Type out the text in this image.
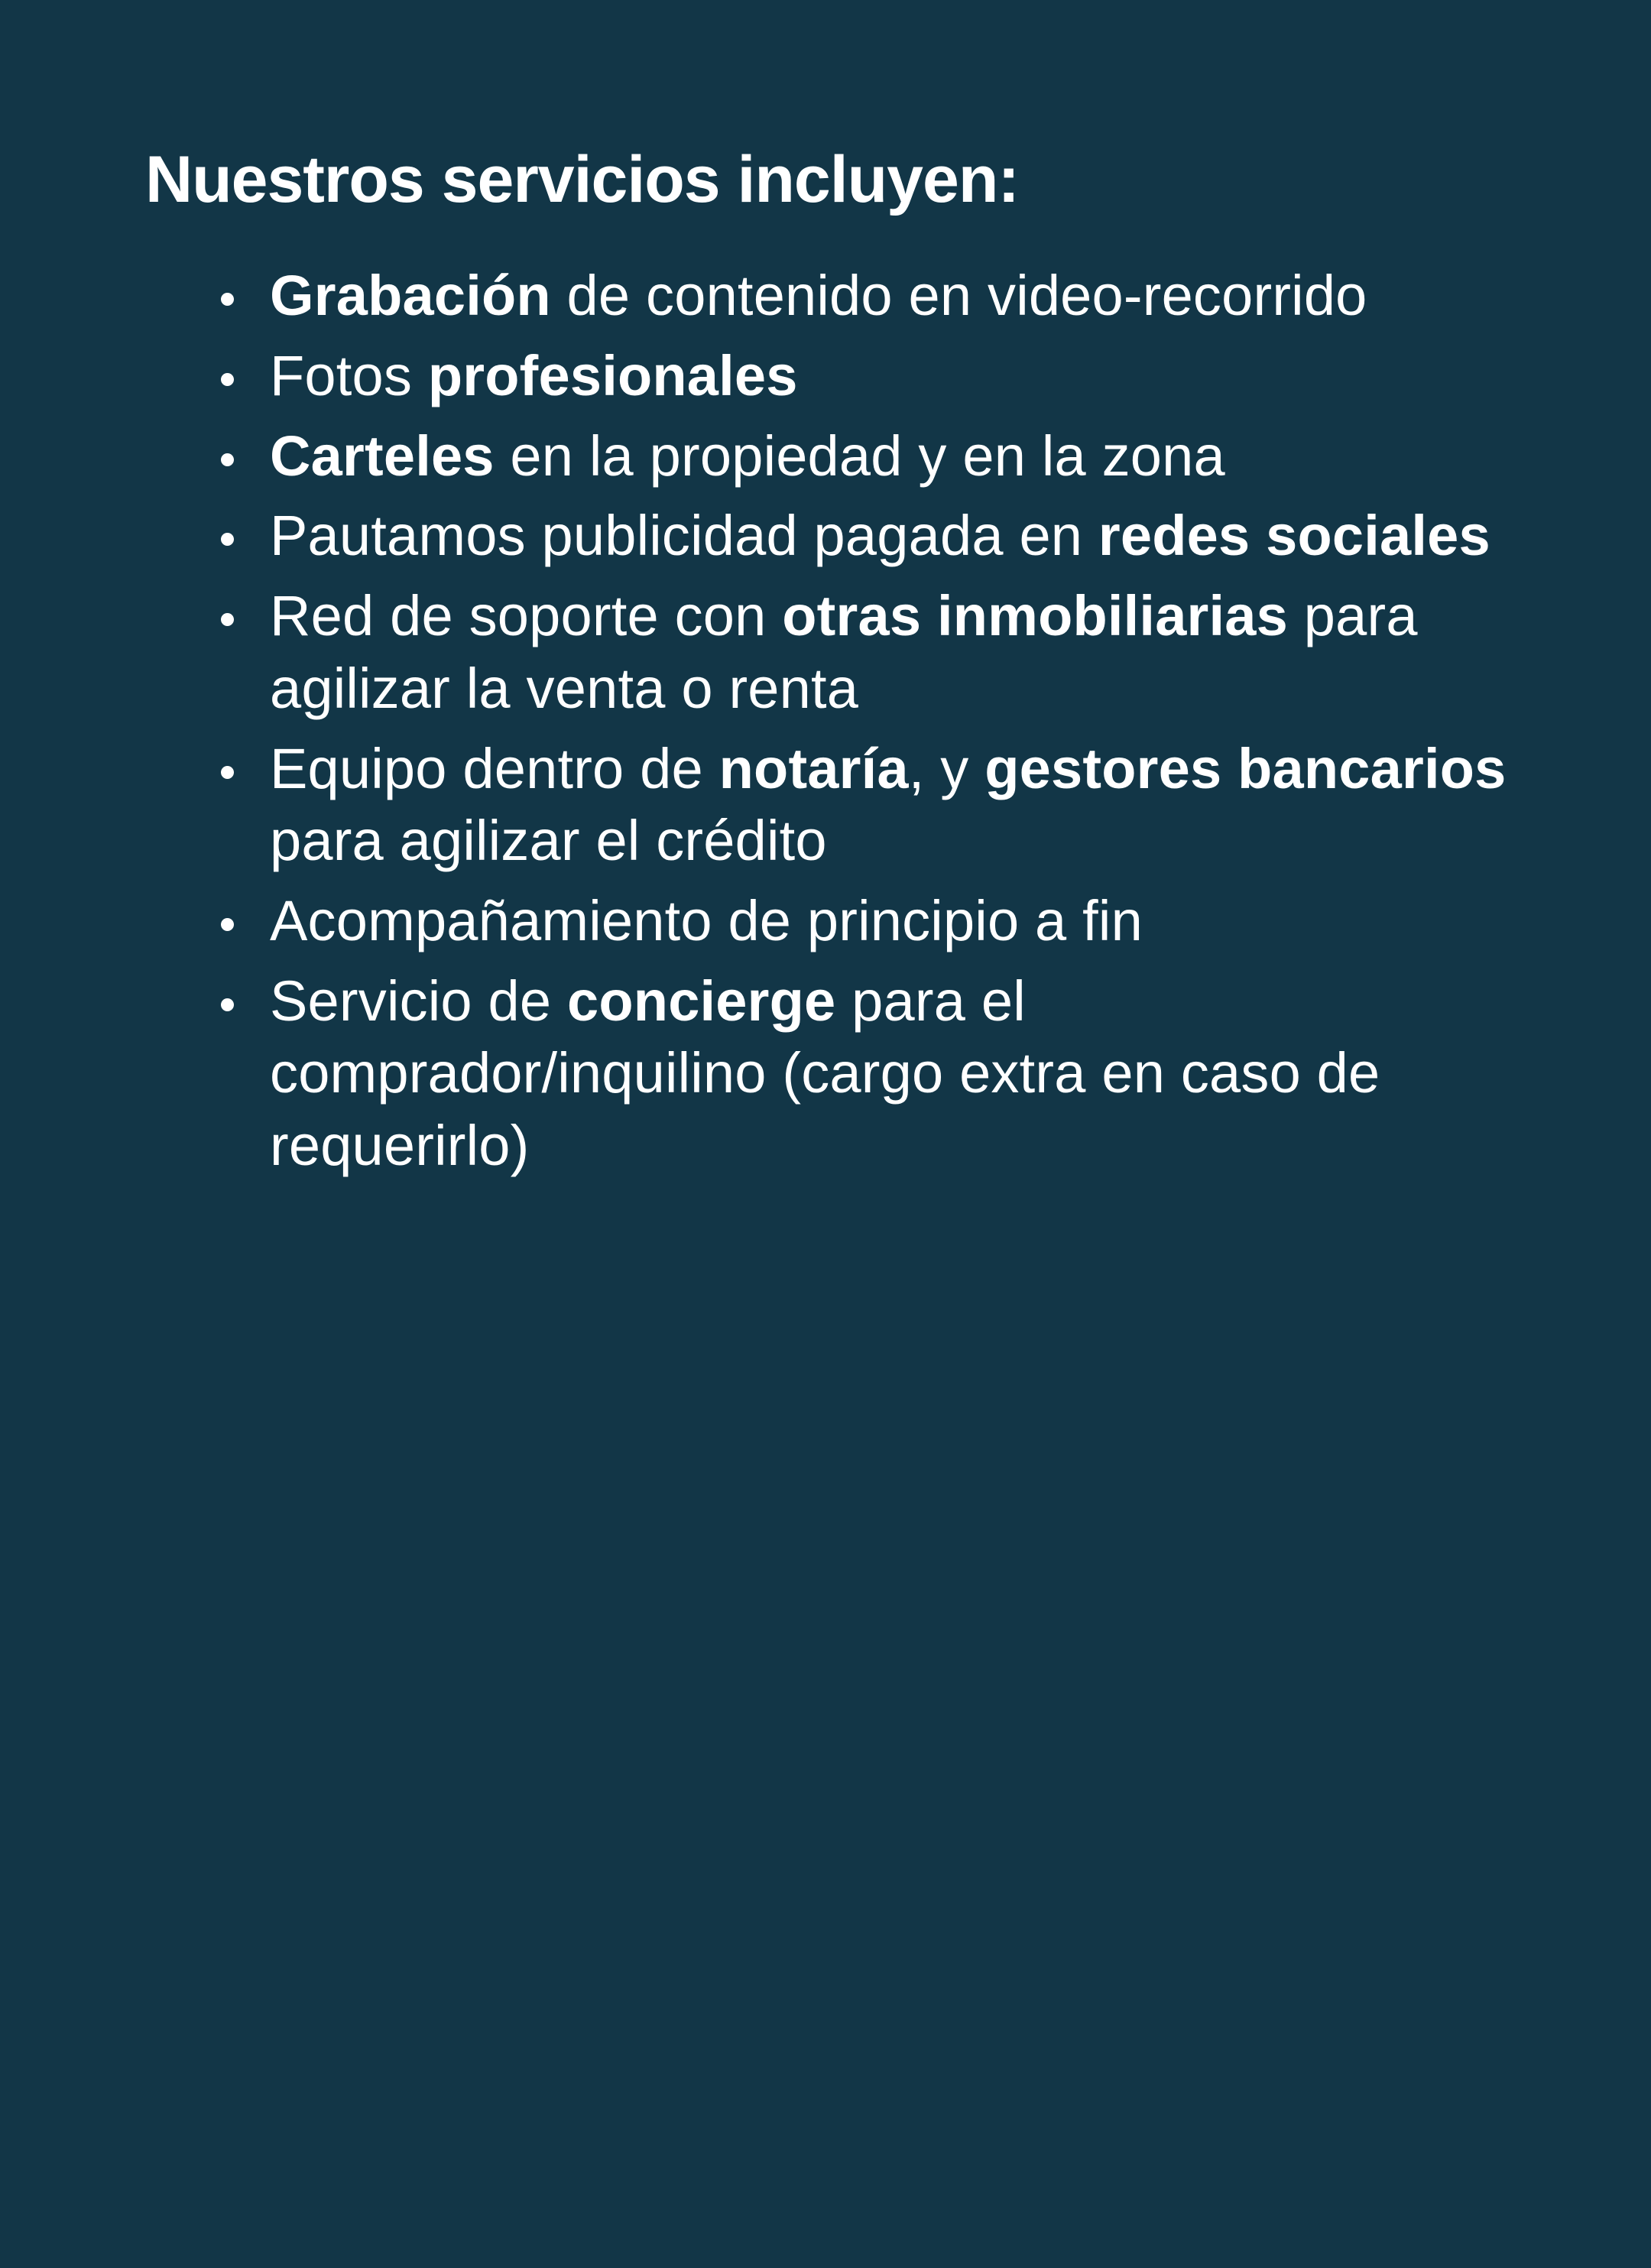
Nuestros servicios incluyen:
Grabación de contenido en video-recorrido
Fotos profesionales
Carteles en la propiedad y en la zona
Pautamos publicidad pagada en redes sociales
Red de soporte con otras inmobiliarias para agilizar la venta o renta
Equipo dentro de notaría, y gestores bancarios para agilizar el crédito
Acompañamiento de principio a fin
Servicio de concierge para el comprador/inquilino (cargo extra en caso de requerirlo)
